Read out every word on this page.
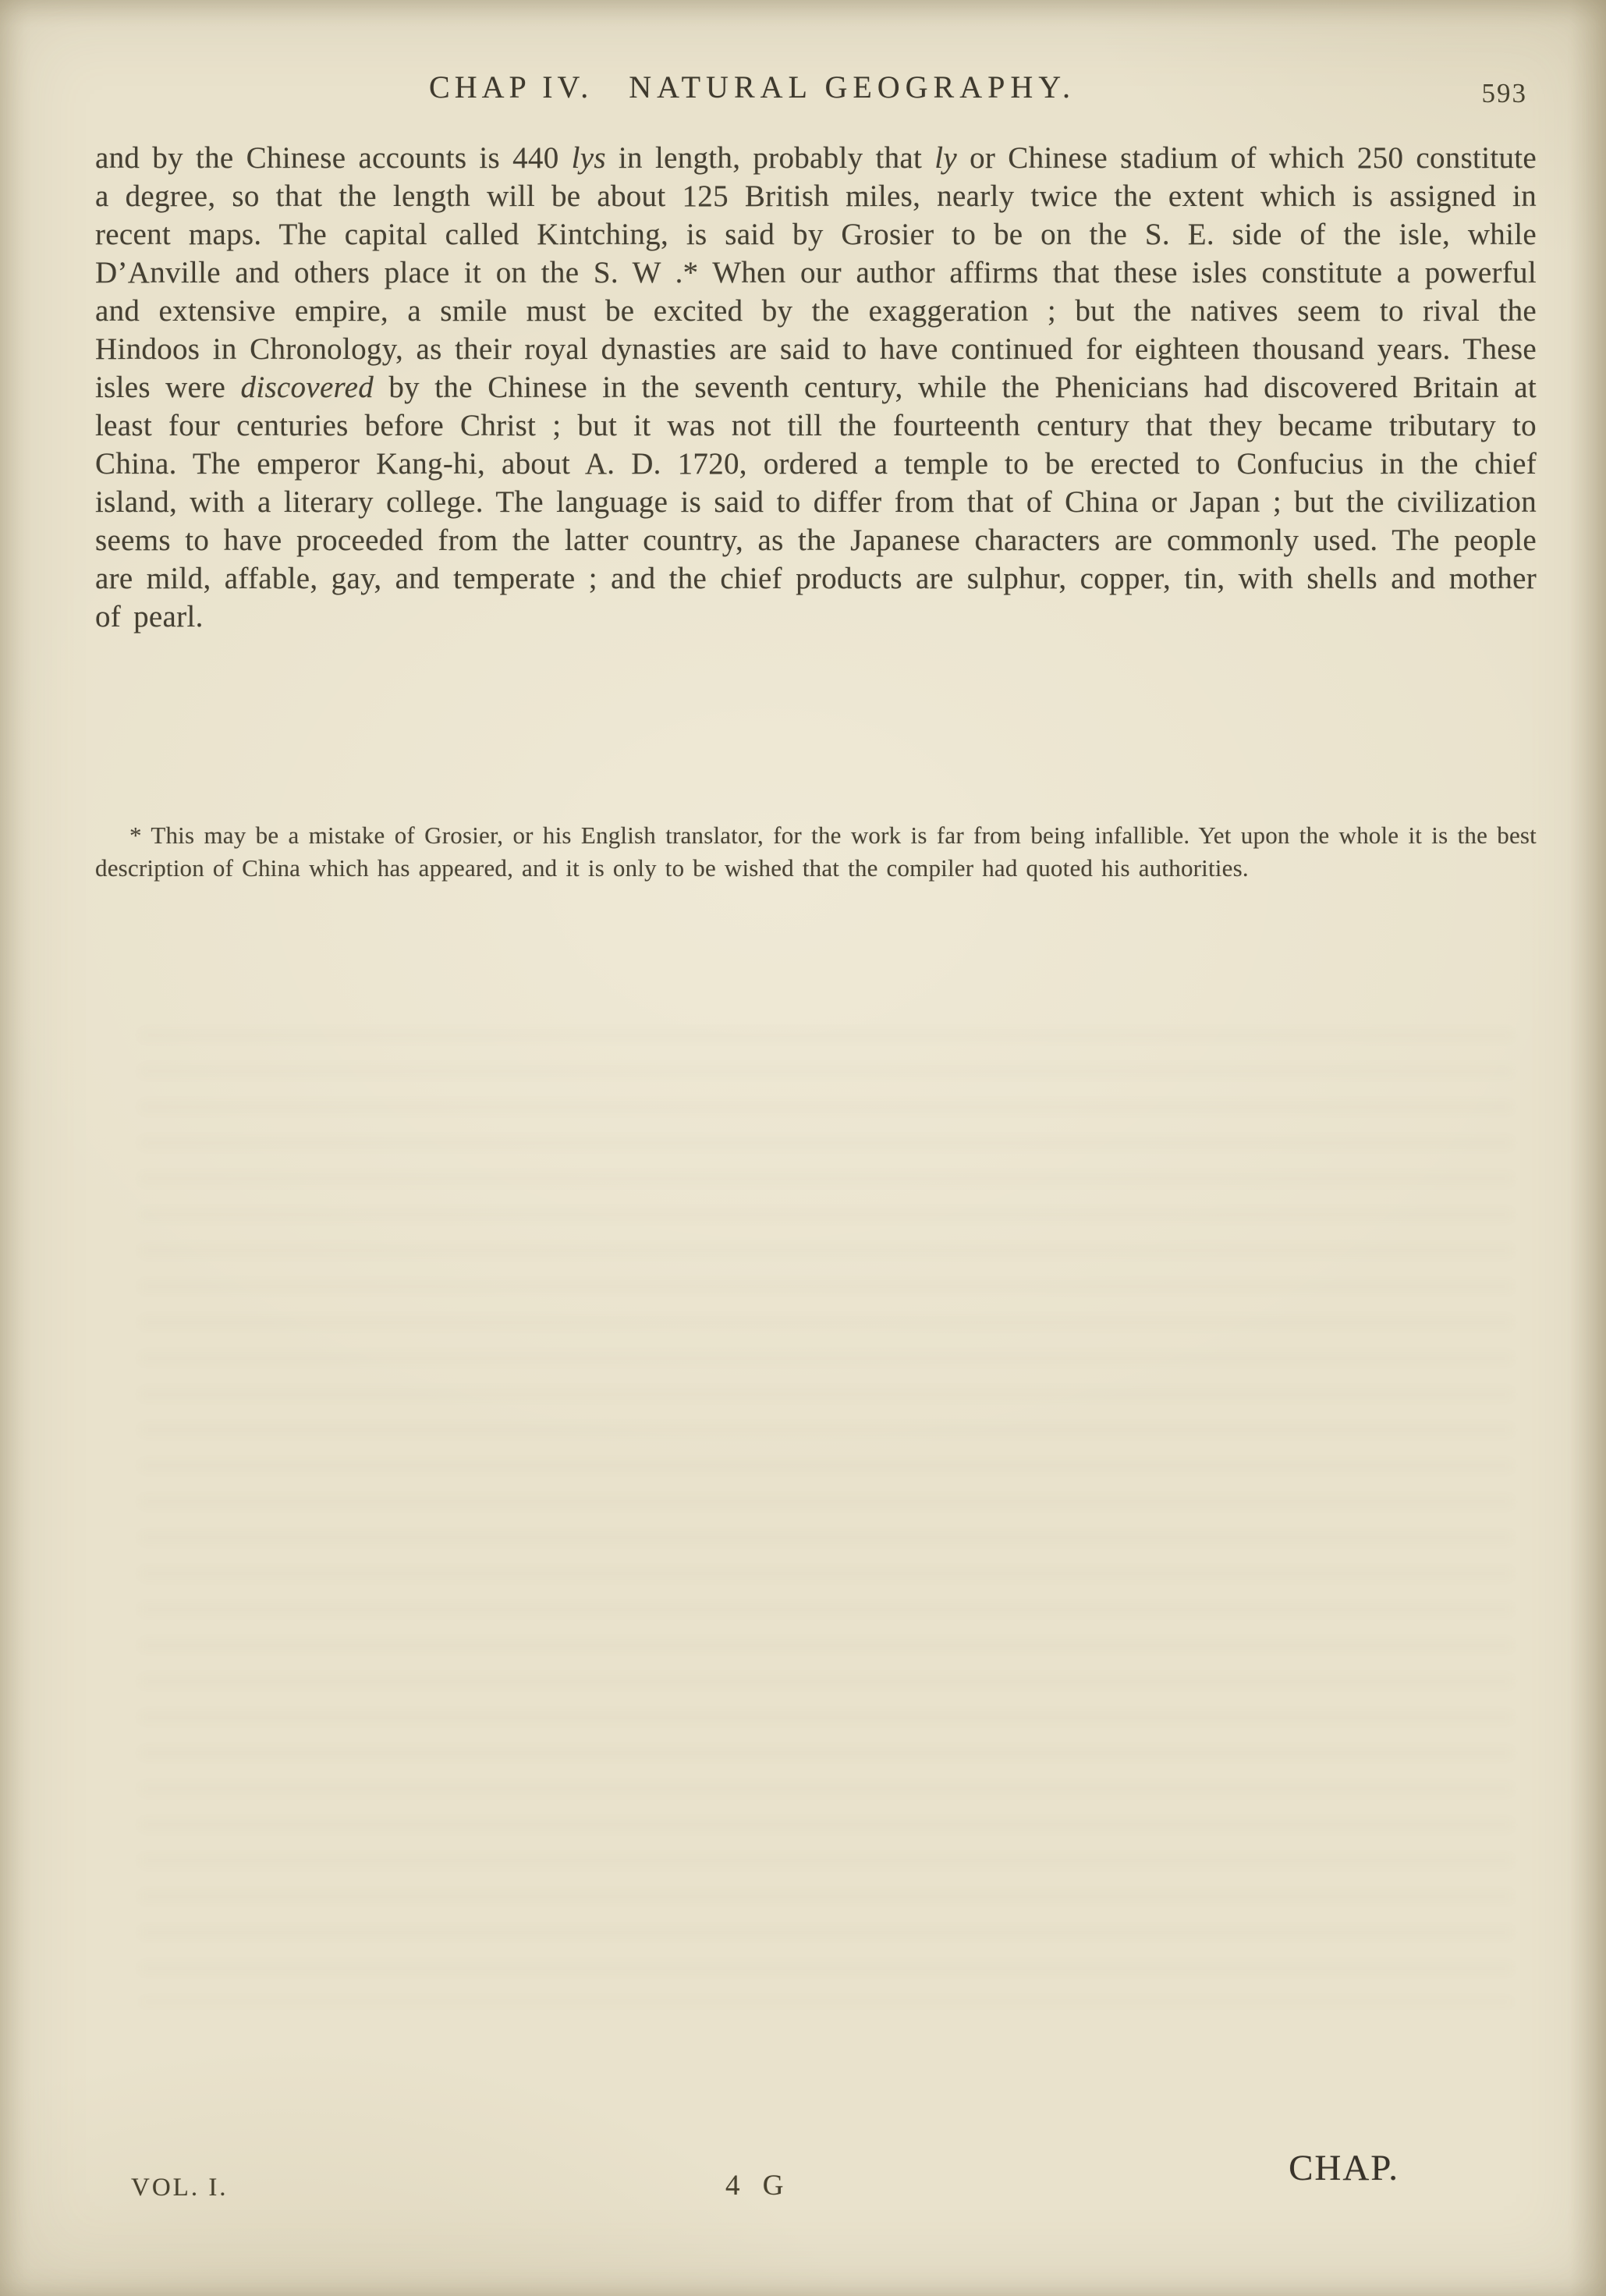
CHAP IV. NATURAL GEOGRAPHY.	593

and by the Chinese accounts is 440 lys in length, probably that ly or Chinese stadium of which 250 constitute a degree, so that the length will be about 125 British miles, nearly twice the extent which is assigned in recent maps. The capital called Kintching, is said by Grosier to be on the S. E. side of the isle, while D’Anville and others place it on the S. W .* When our author affirms that these isles constitute a powerful and extensive empire, a smile must be excited by the exaggeration ; but the natives seem to rival the Hindoos in Chronology, as their royal dynasties are said to have continued for eighteen thousand years. These isles were discovered by the Chinese in the seventh century, while the Phenicians had discovered Britain at least four centuries before Christ ; but it was not till the fourteenth century that they became tributary to China. The emperor Kang-hi, about A. D. 1720, ordered a temple to be erected to Confucius in the chief island, with a literary college. The language is said to differ from that of China or Japan ; but the civilization seems to have proceeded from the latter country, as the Japanese characters are commonly used. The people are mild, affable, gay, and temperate ; and the chief products are sulphur, copper, tin, with shells and mother of pearl.

* This may be a mistake of Grosier, or his English translator, for the work is far from being infallible. Yet upon the whole it is the best description of China which has appeared, and it is only to be wished that the compiler had quoted his authorities.

VOL. I.	4 G	CHAP.
